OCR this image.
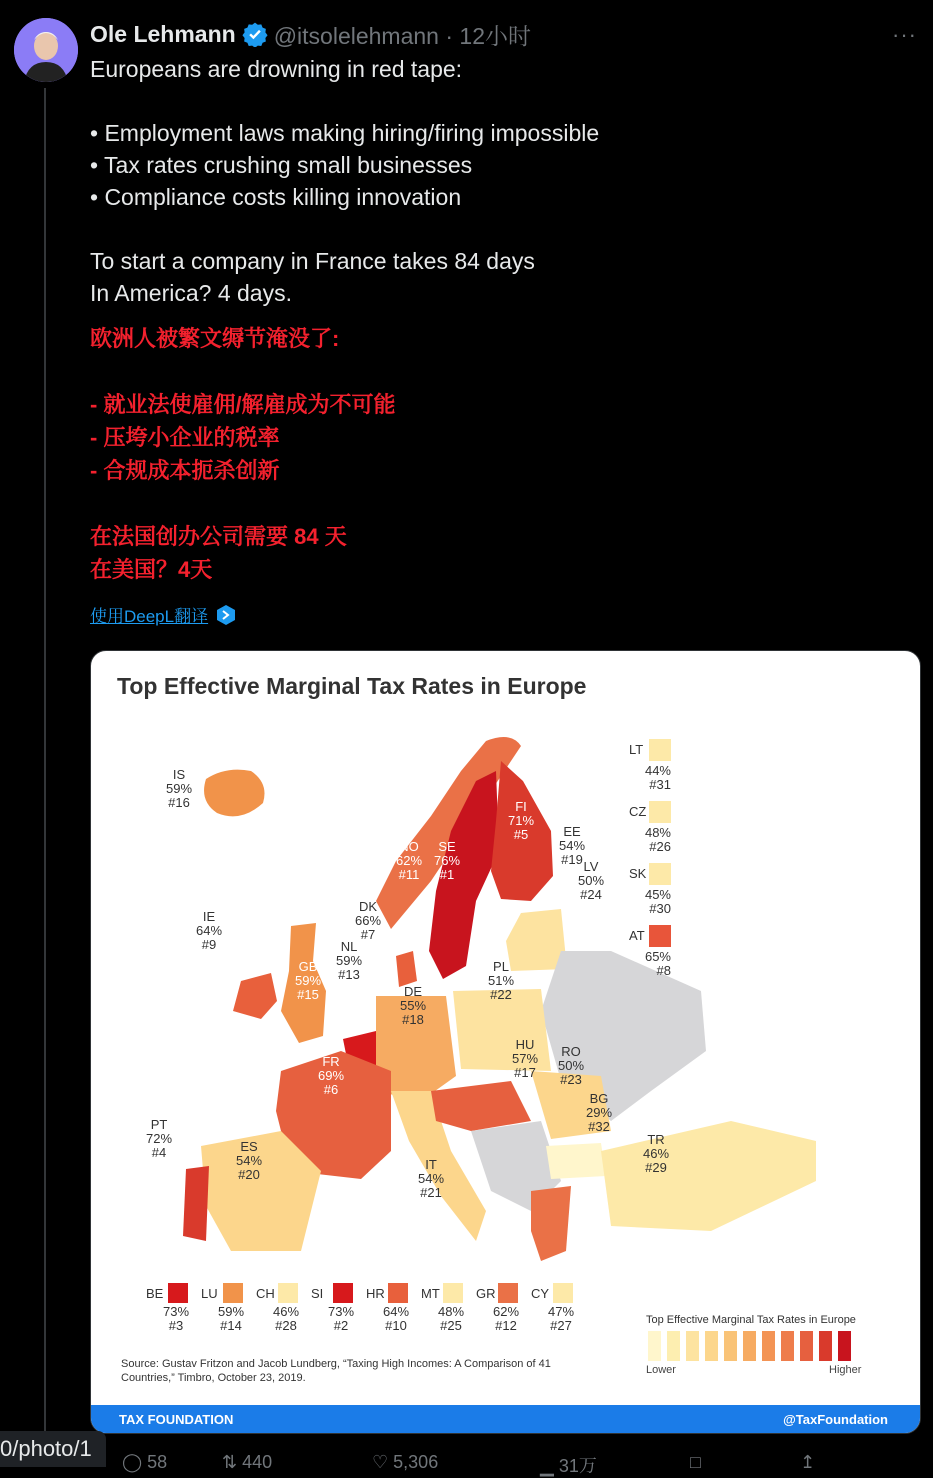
Ole Lehmann @itsolelehmann · 12小时	···
Europeans are drowning in red tape:
• Employment laws making hiring/firing impossible
• Tax rates crushing small businesses
• Compliance costs killing innovation
To start a company in France takes 84 days
In America? 4 days.
欧洲人被繁文缛节淹没了:
- 就业法使雇佣/解雇成为不可能
- 压垮小企业的税率
- 合规成本扼杀创新
在法国创办公司需要 84 天
在美国？4天
使用DeepL翻译
Top Effective Marginal Tax Rates in Europe
IS
59%
#16
IE
64%
#9
GB
59%
#15
NO
62%
#11
SE
76%
#1
FI
71%
#5	EE
54%
#19 LV
50%
#24
DK
66%
#7
NL
59%
#13
DE
55%
#18
PL
51%
#22
FR
69%
#6
HU
57%
#17
RO
50%
#23
BG
29%
#32
PT
72%
#4	ES
54%
#20
IT
54%
#21
TR
46%
#29
LT
44%
#31
CZ
48%
#26
SK
45%
#30
AT
65%
#8
BE
73%
#3
LU
59%
#14
CH
46%
#28
SI
73%
#2
HR
64%
#10
MT
48%
#25
GR
62%
#12
CY
47%
#27	Top Effective Marginal Tax Rates in Europe
Lower	Higher
Source: Gustav Fritzon and Jacob Lundberg, “Taxing High Incomes: A Comparison of 41 Countries,” Timbro, October 23, 2019.
TAX FOUNDATION	@TaxFoundation
0/photo/1
◯ 58	⇅ 440	♡ 5,306	▁ 31万	□	↥
